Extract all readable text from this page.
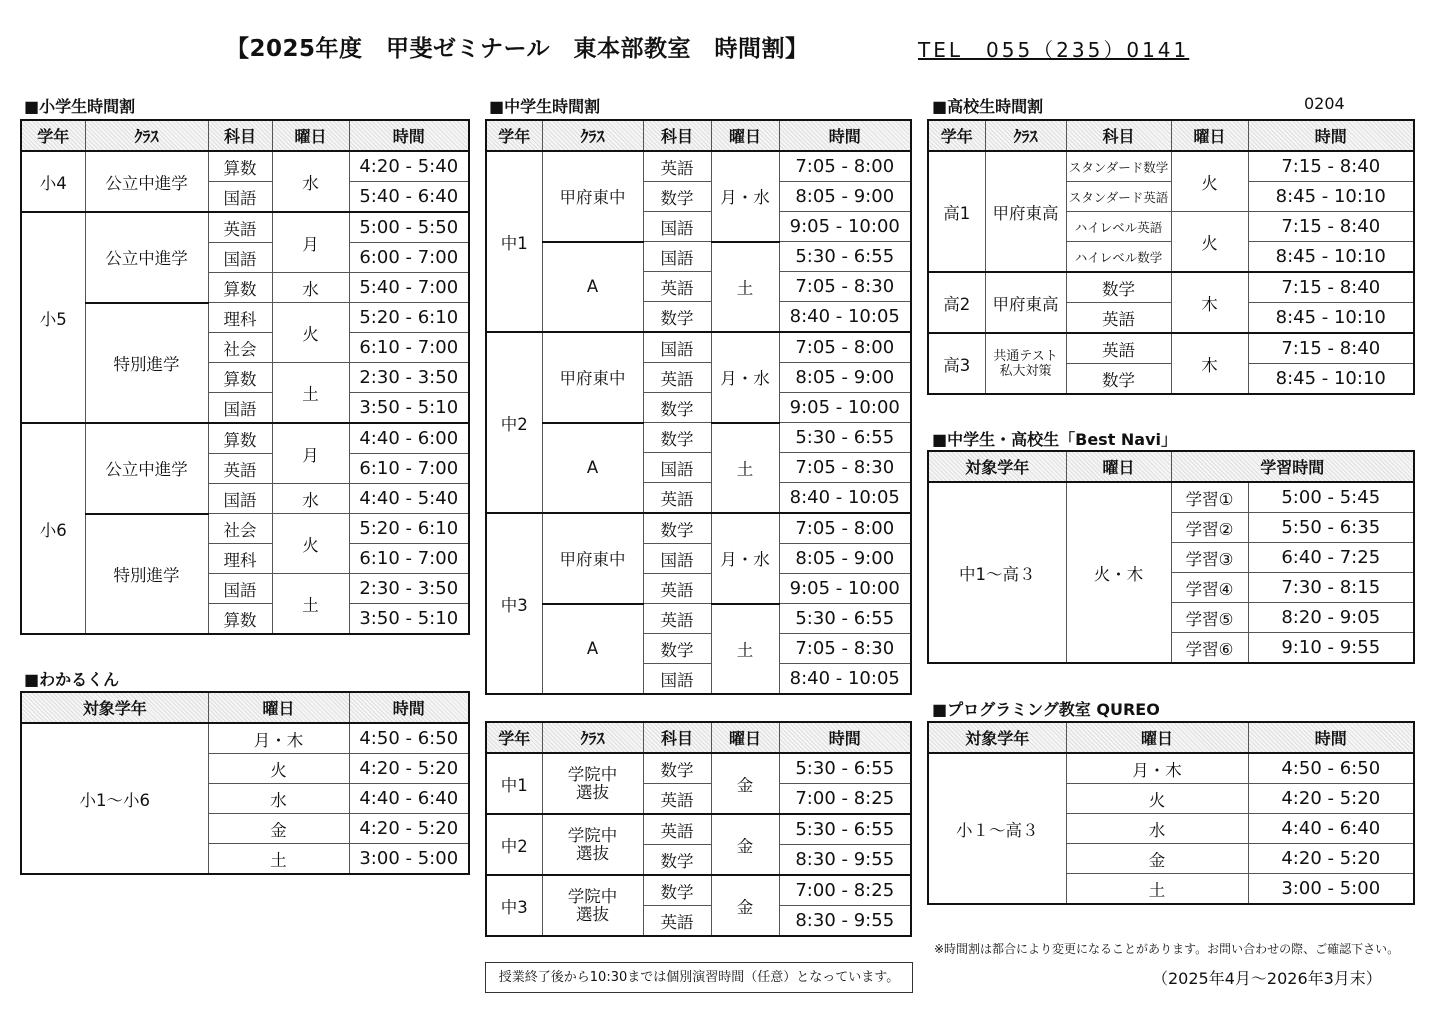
【2025年度　甲斐ゼミナール　東本部教室　時間割】	TEL　055（235）0141
■小学生時間割
学年	ｸﾗｽ	科目	曜日	時間
小4	公立中進学	算数	水	4:20 - 5:40
		国語		5:40 - 6:40
小5	公立中進学	英語	月	5:00 - 5:50
		国語		6:00 - 7:00
		算数	水	5:40 - 7:00
	特別進学	理科	火	5:20 - 6:10
		社会		6:10 - 7:00
		算数	土	2:30 - 3:50
		国語		3:50 - 5:10
小6	公立中進学	算数	月	4:40 - 6:00
		英語		6:10 - 7:00
		国語	水	4:40 - 5:40
	特別進学	社会	火	5:20 - 6:10
		理科		6:10 - 7:00
		国語	土	2:30 - 3:50
		算数		3:50 - 5:10
■わかるくん
対象学年	曜日	時間
小1～小6	月・木	4:50 - 6:50
	火	4:20 - 5:20
	水	4:40 - 6:40
	金	4:20 - 5:20
	土	3:00 - 5:00
■中学生時間割
学年	ｸﾗｽ	科目	曜日	時間
中1	甲府東中	英語	月・水	7:05 - 8:00
		数学		8:05 - 9:00
		国語		9:05 - 10:00
	A	国語	土	5:30 - 6:55
		英語		7:05 - 8:30
		数学		8:40 - 10:05
中2	甲府東中	国語	月・水	7:05 - 8:00
		英語		8:05 - 9:00
		数学		9:05 - 10:00
	A	数学	土	5:30 - 6:55
		国語		7:05 - 8:30
		英語		8:40 - 10:05
中3	甲府東中	数学	月・水	7:05 - 8:00
		国語		8:05 - 9:00
		英語		9:05 - 10:00
	A	英語	土	5:30 - 6:55
		数学		7:05 - 8:30
		国語		8:40 - 10:05
学年	ｸﾗｽ	科目	曜日	時間
中1	学院中選抜	数学	金	5:30 - 6:55
		英語		7:00 - 8:25
中2	学院中選抜	英語	金	5:30 - 6:55
		数学		8:30 - 9:55
中3	学院中選抜	数学	金	7:00 - 8:25
		英語		8:30 - 9:55
授業終了後から10:30までは個別演習時間（任意）となっています。
■高校生時間割	0204
学年	ｸﾗｽ	科目	曜日	時間
高1	甲府東高	スタンダード数学	火	7:15 - 8:40
		スタンダード英語		8:45 - 10:10
		ハイレベル英語	火	7:15 - 8:40
		ハイレベル数学		8:45 - 10:10
高2	甲府東高	数学	木	7:15 - 8:40
		英語		8:45 - 10:10
高3	共通テスト私大対策	英語	木	7:15 - 8:40
		数学		8:45 - 10:10
■中学生・高校生「Best Navi」
対象学年	曜日	学習時間	
中1～高３	火・木	学習①	5:00 - 5:45
		学習②	5:50 - 6:35
		学習③	6:40 - 7:25
		学習④	7:30 - 8:15
		学習⑤	8:20 - 9:05
		学習⑥	9:10 - 9:55
■プログラミング教室 QUREO
対象学年	曜日	時間
小１～高３	月・木	4:50 - 6:50
	火	4:20 - 5:20
	水	4:40 - 6:40
	金	4:20 - 5:20
	土	3:00 - 5:00
※時間割は都合により変更になることがあります。お問い合わせの際、ご確認下さい。
（2025年4月～2026年3月末）
